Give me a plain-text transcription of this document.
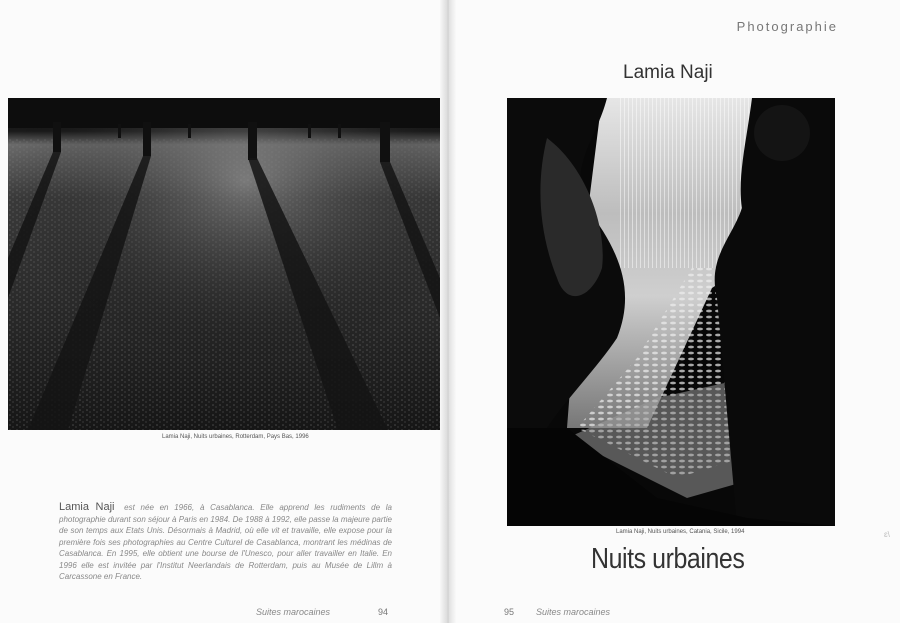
Lamia Naji, Nuits urbaines, Rotterdam, Pays Bas, 1996
Lamia Naji est née en 1966, à Casablanca. Elle apprend les rudiments de la photographie durant son séjour à Paris en 1984. De 1988 à 1992, elle passe la majeure partie de son temps aux Etats Unis. Désormais à Madrid, où elle vit et travaille, elle expose pour la première fois ses photographies au Centre Culturel de Casablanca, montrant les médinas de Casablanca. En 1995, elle obtient une bourse de l'Unesco, pour aller travailler en Italie. En 1996 elle est invitée par l'Institut Neerlandais de Rotterdam, puis au Musée de Lillm à Carcassone en France.
Suites marocaines	94
Photographie
Lamia Naji
Lamia Naji, Nuits urbaines, Catania, Sicile, 1994
Nuits urbaines
95 Suites marocaines
ɛ\
